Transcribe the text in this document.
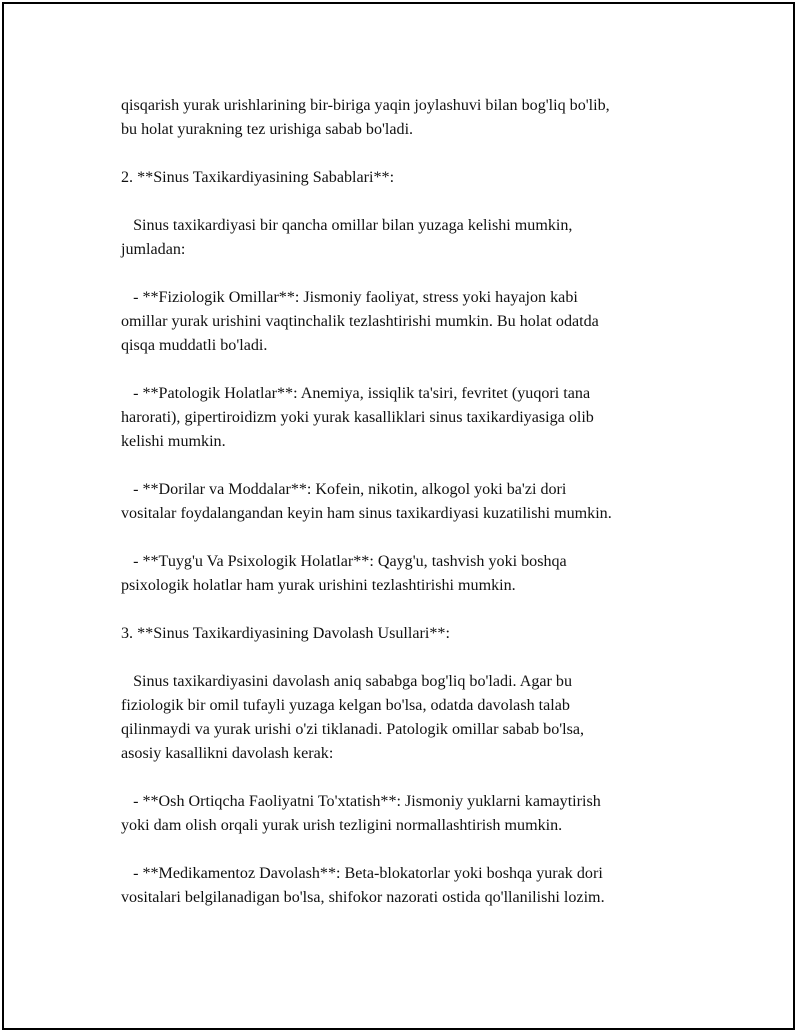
qisqarish yurak urishlarining bir-biriga yaqin joylashuvi bilan bog'liq bo'lib,
bu holat yurakning tez urishiga sabab bo'ladi.

2. **Sinus Taxikardiyasining Sabablari**:

Sinus taxikardiyasi bir qancha omillar bilan yuzaga kelishi mumkin,
jumladan:

- **Fiziologik Omillar**: Jismoniy faoliyat, stress yoki hayajon kabi
omillar yurak urishini vaqtinchalik tezlashtirishi mumkin. Bu holat odatda
qisqa muddatli bo'ladi.

- **Patologik Holatlar**: Anemiya, issiqlik ta'siri, fevritet (yuqori tana
harorati), gipertiroidizm yoki yurak kasalliklari sinus taxikardiyasiga olib
kelishi mumkin.

- **Dorilar va Moddalar**: Kofein, nikotin, alkogol yoki ba'zi dori
vositalar foydalangandan keyin ham sinus taxikardiyasi kuzatilishi mumkin.

- **Tuyg'u Va Psixologik Holatlar**: Qayg'u, tashvish yoki boshqa
psixologik holatlar ham yurak urishini tezlashtirishi mumkin.

3. **Sinus Taxikardiyasining Davolash Usullari**:

Sinus taxikardiyasini davolash aniq sababga bog'liq bo'ladi. Agar bu
fiziologik bir omil tufayli yuzaga kelgan bo'lsa, odatda davolash talab
qilinmaydi va yurak urishi o'zi tiklanadi. Patologik omillar sabab bo'lsa,
asosiy kasallikni davolash kerak:

- **Osh Ortiqcha Faoliyatni To'xtatish**: Jismoniy yuklarni kamaytirish
yoki dam olish orqali yurak urish tezligini normallashtirish mumkin.

- **Medikamentoz Davolash**: Beta-blokatorlar yoki boshqa yurak dori
vositalari belgilanadigan bo'lsa, shifokor nazorati ostida qo'llanilishi lozim.
